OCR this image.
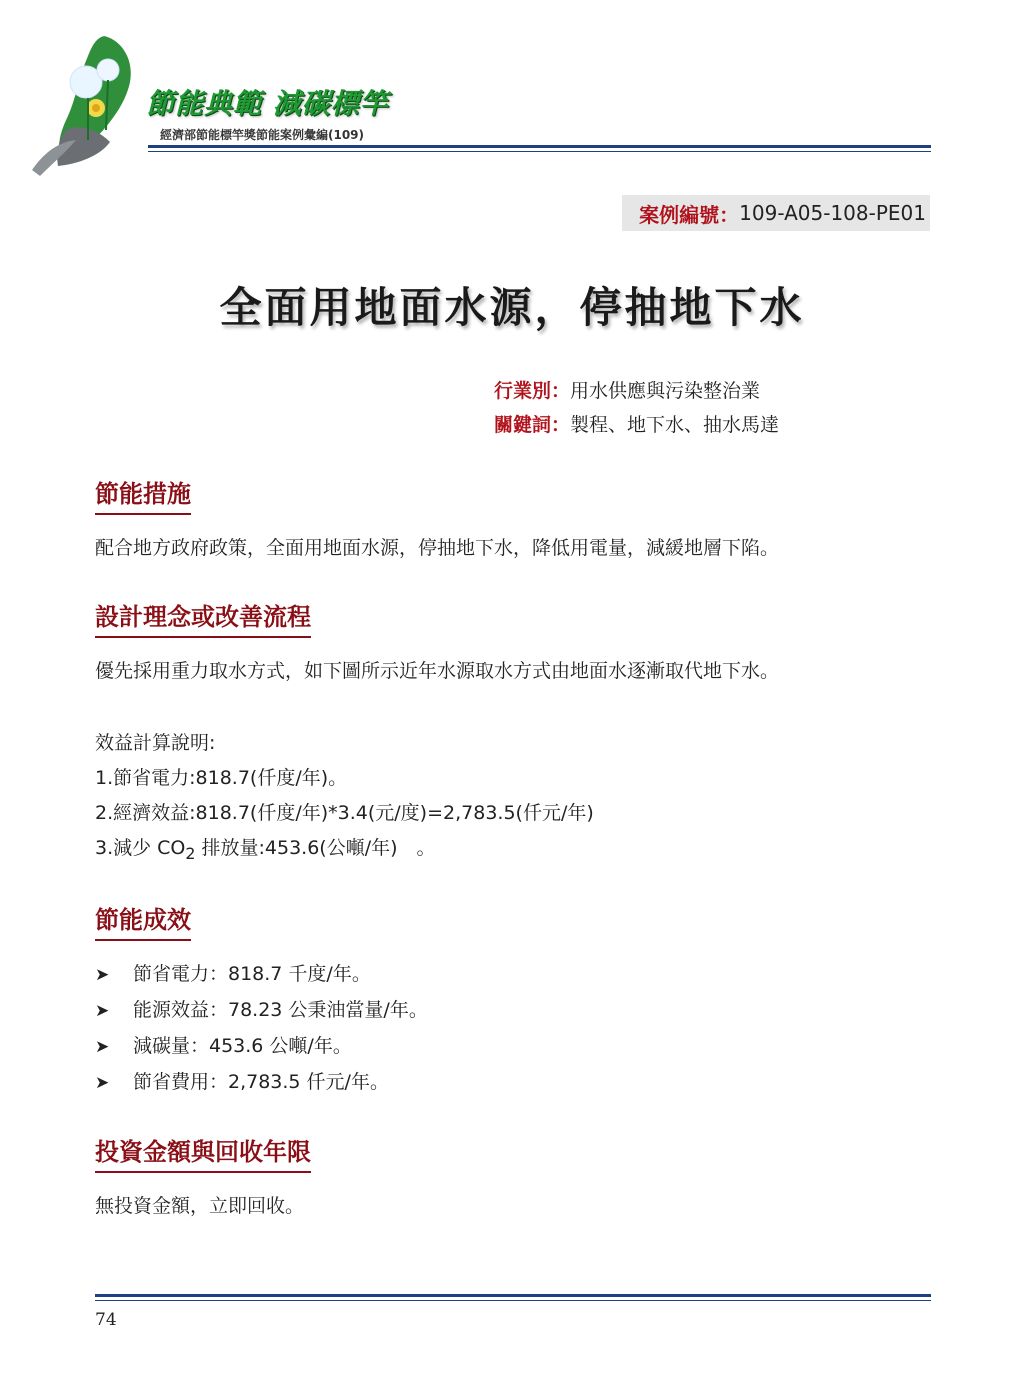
節能典範 減碳標竿
經濟部節能標竿獎節能案例彙編(109)
案例編號： 109-A05-108-PE01
全面用地面水源，停抽地下水
行業別：用水供應與污染整治業
關鍵詞：製程、地下水、抽水馬達
節能措施
配合地方政府政策，全面用地面水源，停抽地下水，降低用電量，減緩地層下陷。
設計理念或改善流程
優先採用重力取水方式，如下圖所示近年水源取水方式由地面水逐漸取代地下水。
效益計算說明:
1.節省電力:818.7(仟度/年)。
2.經濟效益:818.7(仟度/年)*3.4(元/度)=2,783.5(仟元/年)
3.減少 $CO_2$ 排放量:453.6(公噸/年)　。
節能成效
➤ 節省電力：818.7 千度/年。
➤ 能源效益：78.23 公秉油當量/年。
➤ 減碳量：453.6 公噸/年。
➤ 節省費用：2,783.5 仟元/年。
投資金額與回收年限
無投資金額，立即回收。
74
